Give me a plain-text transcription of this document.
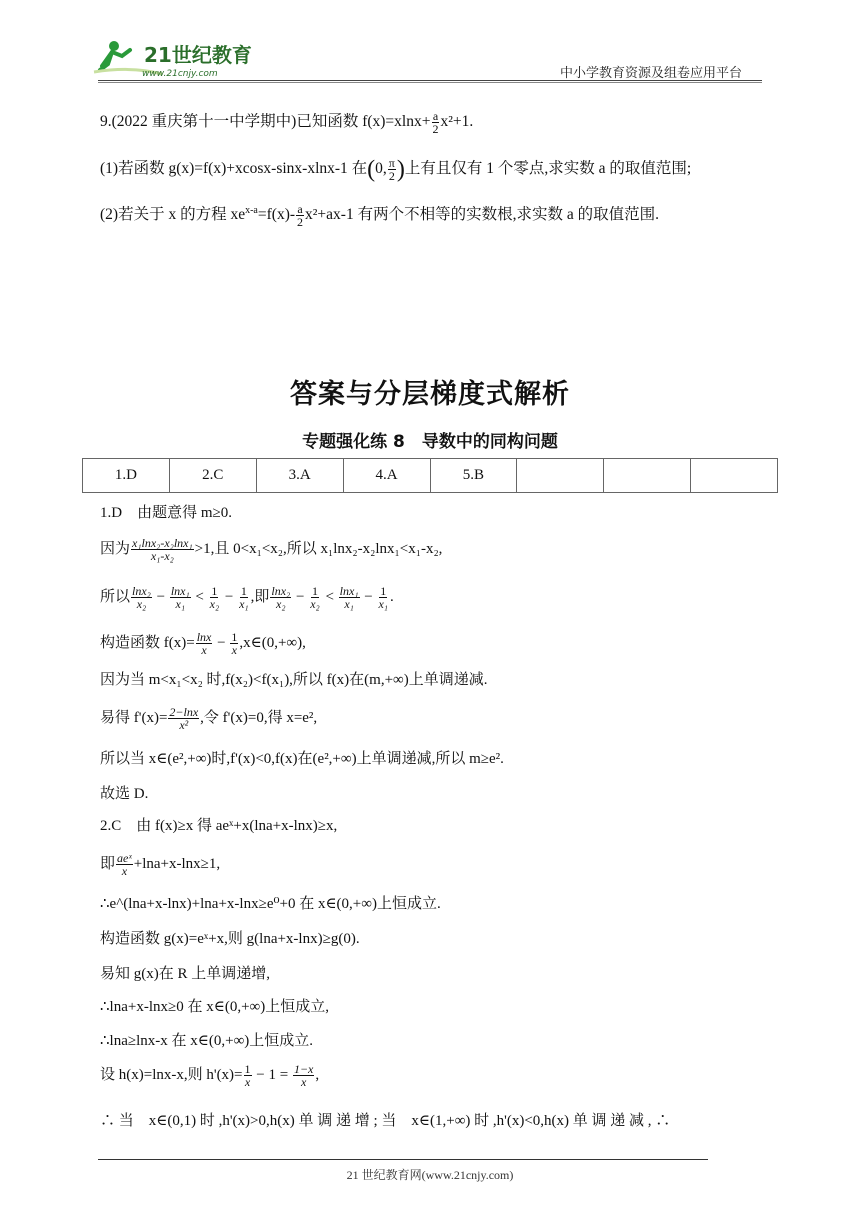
21世纪教育
www.21cnjy.com	中小学教育资源及组卷应用平台
9.(2022 重庆第十一中学期中)已知函数 $f(x)=xlnx+ \frac{a}{2} x^2+1$.
(1)若函数 g(x)=f(x)+xcosx-sinx-xlnx-1 在(0, $\frac{\pi}{2}$ )上有且仅有 1 个零点,求实数 a 的取值范围;
(2)若关于 x 的方程 $xe^{x-a}=f(x)- \frac{a}{2} x^2+ax-1$ 有两个不相等的实数根,求实数 a 的取值范围.
答案与分层梯度式解析
专题强化练 8　导数中的同构问题
1.D	2.C	3.A	4.A	5.B			
1.D　由题意得 m≥0.
因为 $\frac{\text{x₁lnx₂-x₂lnx₁}}{\text{x₁-x₂}} >1$,且 0<x₁<x₂,所以 x₁lnx₂-x₂lnx₁<x₁-x₂,
所以 $\frac{\text{lnx₂}}{\text{x₂}} - \frac{\text{lnx₁}}{\text{x₁}} < \frac{1}{\text{x₂}} - \frac{1}{\text{x₁}}$ ,即 $\frac{\text{lnx₂}}{\text{x₂}} - \frac{1}{\text{x₂}} < \frac{\text{lnx₁}}{\text{x₁}} - \frac{1}{\text{x₁}}$ .
构造函数 $f(x)= \frac{\ln x}{x} - \frac{1}{x}$ ,x∈(0,+∞),
因为当 m<x₁<x₂ 时,f(x₂)<f(x₁),所以 f(x)在(m,+∞)上单调递减.
易得 $f'(x)= \frac{2-\ln x}{\text{x²}}$ ,令 f'(x)=0,得 x=e²,
所以当 x∈(e²,+∞)时,f'(x)<0,f(x)在(e²,+∞)上单调递减,所以 m≥e².
故选 D.
2.C　由 f(x)≥x 得 aeˣ+x(lna+x-lnx)≥x,
即 $\frac{\text{aeˣ}}{x} +\ln a+x-\ln x\ge 1$,
∴e^(lna+x-lnx)+lna+x-lnx≥e⁰+0 在 x∈(0,+∞)上恒成立.
构造函数 g(x)=eˣ+x,则 g(lna+x-lnx)≥g(0).
易知 g(x)在 R 上单调递增,
∴lna+x-lnx≥0 在 x∈(0,+∞)上恒成立,
∴lna≥lnx-x 在 x∈(0,+∞)上恒成立.
设 h(x)=lnx-x,则 $h'(x)= \frac{1}{x} - 1 = \frac{1-x}{x}$ ,
∴ 当　x∈(0,1) 时 ,h'(x)>0,h(x) 单 调 递 增 ; 当　x∈(1,+∞) 时 ,h'(x)<0,h(x) 单 调 递 减 , ∴
21 世纪教育网(www.21cnjy.com)
